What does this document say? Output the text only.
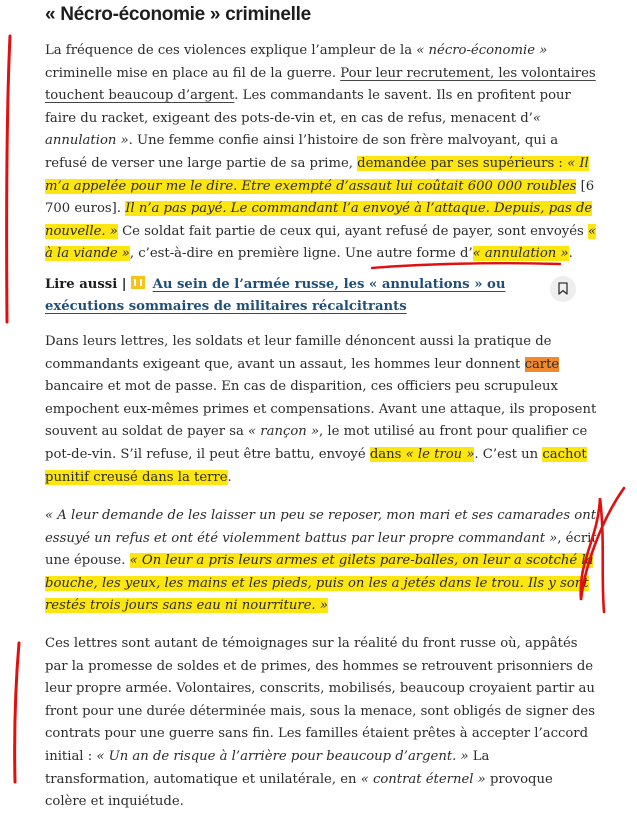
« Nécro-économie » criminelle

La fréquence de ces violences explique l’ampleur de la « nécro-économie » criminelle mise en place au fil de la guerre. Pour leur recrutement, les volontaires touchent beaucoup d’argent. Les commandants le savent. Ils en profitent pour faire du racket, exigeant des pots-de-vin et, en cas de refus, menacent d’« annulation ». Une femme confie ainsi l’histoire de son frère malvoyant, qui a refusé de verser une large partie de sa prime, demandée par ses supérieurs : « Il m’a appelée pour me le dire. Etre exempté d’assaut lui coûtait 600 000 roubles [6 700 euros]. Il n’a pas payé. Le commandant l’a envoyé à l’attaque. Depuis, pas de nouvelle. » Ce soldat fait partie de ceux qui, ayant refusé de payer, sont envoyés « à la viande », c’est-à-dire en première ligne. Une autre forme d’« annulation ».

Lire aussi | Au sein de l’armée russe, les « annulations » ou exécutions sommaires de militaires récalcitrants

Dans leurs lettres, les soldats et leur famille dénoncent aussi la pratique de commandants exigeant que, avant un assaut, les hommes leur donnent carte bancaire et mot de passe. En cas de disparition, ces officiers peu scrupuleux empochent eux-mêmes primes et compensations. Avant une attaque, ils proposent souvent au soldat de payer sa « rançon », le mot utilisé au front pour qualifier ce pot-de-vin. S’il refuse, il peut être battu, envoyé dans « le trou ». C’est un cachot punitif creusé dans la terre.

« A leur demande de les laisser un peu se reposer, mon mari et ses camarades ont essuyé un refus et ont été violemment battus par leur propre commandant », écrit une épouse. « On leur a pris leurs armes et gilets pare-balles, on leur a scotché la bouche, les yeux, les mains et les pieds, puis on les a jetés dans le trou. Ils y sont restés trois jours sans eau ni nourriture. »

Ces lettres sont autant de témoignages sur la réalité du front russe où, appâtés par la promesse de soldes et de primes, des hommes se retrouvent prisonniers de leur propre armée. Volontaires, conscrits, mobilisés, beaucoup croyaient partir au front pour une durée déterminée mais, sous la menace, sont obligés de signer des contrats pour une guerre sans fin. Les familles étaient prêtes à accepter l’accord initial : « Un an de risque à l’arrière pour beaucoup d’argent. » La transformation, automatique et unilatérale, en « contrat éternel » provoque colère et inquiétude.
